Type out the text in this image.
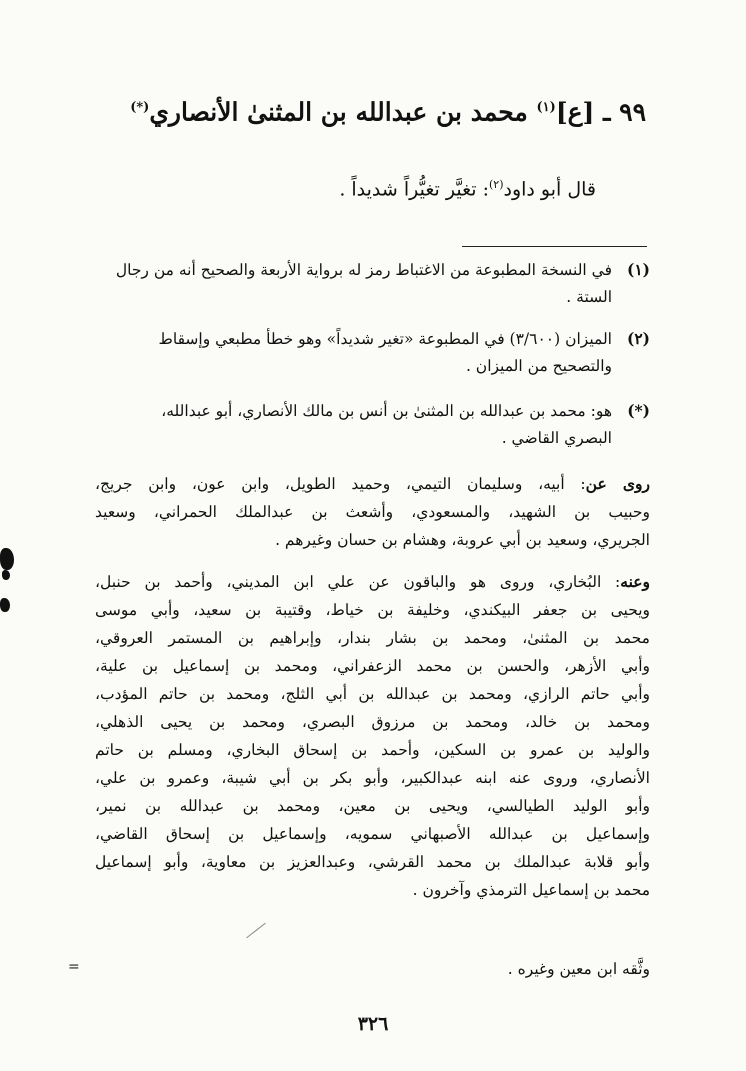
٩٩ ـ [ع]$^{(١)}$ محمد بن عبدالله بن المثنىٰ الأنصاري(*)
قال أبو داود$^{(٢)}$: تغيَّر تغيُّراً شديداً .
(١)في النسخة المطبوعة من الاغتباط رمز له برواية الأربعة والصحيح أنه من رجال
الستة .
(٢)الميزان (٣/٦٠٠) في المطبوعة «تغير شديداً» وهو خطأ مطبعي وإسقاط
والتصحيح من الميزان .
(*)هو: محمد بن عبدالله بن المثنىٰ بن أنس بن مالك الأنصاري، أبو عبدالله،
البصري القاضي .
روى عن: أبيه، وسليمان التيمي، وحميد الطويل، وابن عون، وابن جريج،
وحبيب بن الشهيد، والمسعودي، وأشعث بن عبدالملك الحمراني، وسعيد
الجريري، وسعيد بن أبي عروبة، وهشام بن حسان وغيرهم .
وعنه: البُخاري، وروى هو والباقون عن علي ابن المديني، وأحمد بن حنبل،
ويحيى بن جعفر البيكندي، وخليفة بن خياط، وقتيبة بن سعيد، وأبي موسى
محمد بن المثنىٰ، ومحمد بن بشار بندار، وإبراهيم بن المستمر العروقي،
وأبي الأزهر، والحسن بن محمد الزعفراني، ومحمد بن إسماعيل بن علية،
وأبي حاتم الرازي، ومحمد بن عبدالله بن أبي الثلج، ومحمد بن حاتم المؤدب،
ومحمد بن خالد، ومحمد بن مرزوق البصري، ومحمد بن يحيى الذهلي،
والوليد بن عمرو بن السكين، وأحمد بن إسحاق البخاري، ومسلم بن حاتم
الأنصاري، وروى عنه ابنه عبدالكبير، وأبو بكر بن أبي شيبة، وعمرو بن علي،
وأبو الوليد الطيالسي، ويحيى بن معين، ومحمد بن عبدالله بن نمير،
وإسماعيل بن عبدالله الأصبهاني سمويه، وإسماعيل بن إسحاق القاضي،
وأبو قلابة عبدالملك بن محمد القرشي، وعبدالعزيز بن معاوية، وأبو إسماعيل
محمد بن إسماعيل الترمذي وآخرون .
وثَّقه ابن معين وغيره .
=
٣٢٦
